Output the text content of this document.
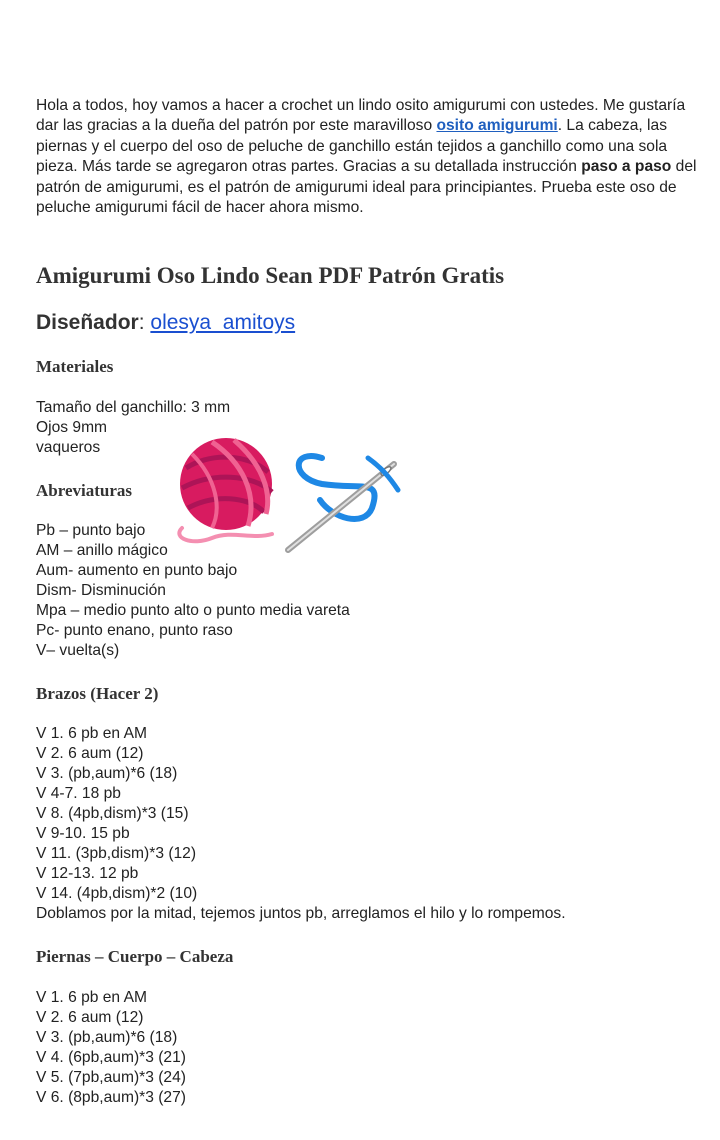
Hola a todos, hoy vamos a hacer a crochet un lindo osito amigurumi con ustedes. Me gustaría dar las gracias a la dueña del patrón por este maravilloso osito amigurumi. La cabeza, las piernas y el cuerpo del oso de peluche de ganchillo están tejidos a ganchillo como una sola pieza. Más tarde se agregaron otras partes. Gracias a su detallada instrucción paso a paso del patrón de amigurumi, es el patrón de amigurumi ideal para principiantes. Prueba este oso de peluche amigurumi fácil de hacer ahora mismo.

Amigurumi Oso Lindo Sean PDF Patrón Gratis
Diseñador: olesya_amitoys
Materiales
Tamaño del ganchillo: 3 mm
Ojos 9mm
vaqueros
Abreviaturas
Pb – punto bajo
AM – anillo mágico
Aum- aumento en punto bajo
Dism- Disminución
Mpa – medio punto alto o punto media vareta
Pc- punto enano, punto raso
V– vuelta(s)
Brazos (Hacer 2)
V 1. 6 pb en AM
V 2. 6 aum (12)
V 3. (pb,aum)*6 (18)
V 4-7. 18 pb
V 8. (4pb,dism)*3 (15)
V 9-10. 15 pb
V 11. (3pb,dism)*3 (12)
V 12-13. 12 pb
V 14. (4pb,dism)*2 (10)
Doblamos por la mitad, tejemos juntos pb, arreglamos el hilo y lo rompemos.
Piernas – Cuerpo – Cabeza
V 1. 6 pb en AM
V 2. 6 aum (12)
V 3. (pb,aum)*6 (18)
V 4. (6pb,aum)*3 (21)
V 5. (7pb,aum)*3 (24)
V 6. (8pb,aum)*3 (27)
